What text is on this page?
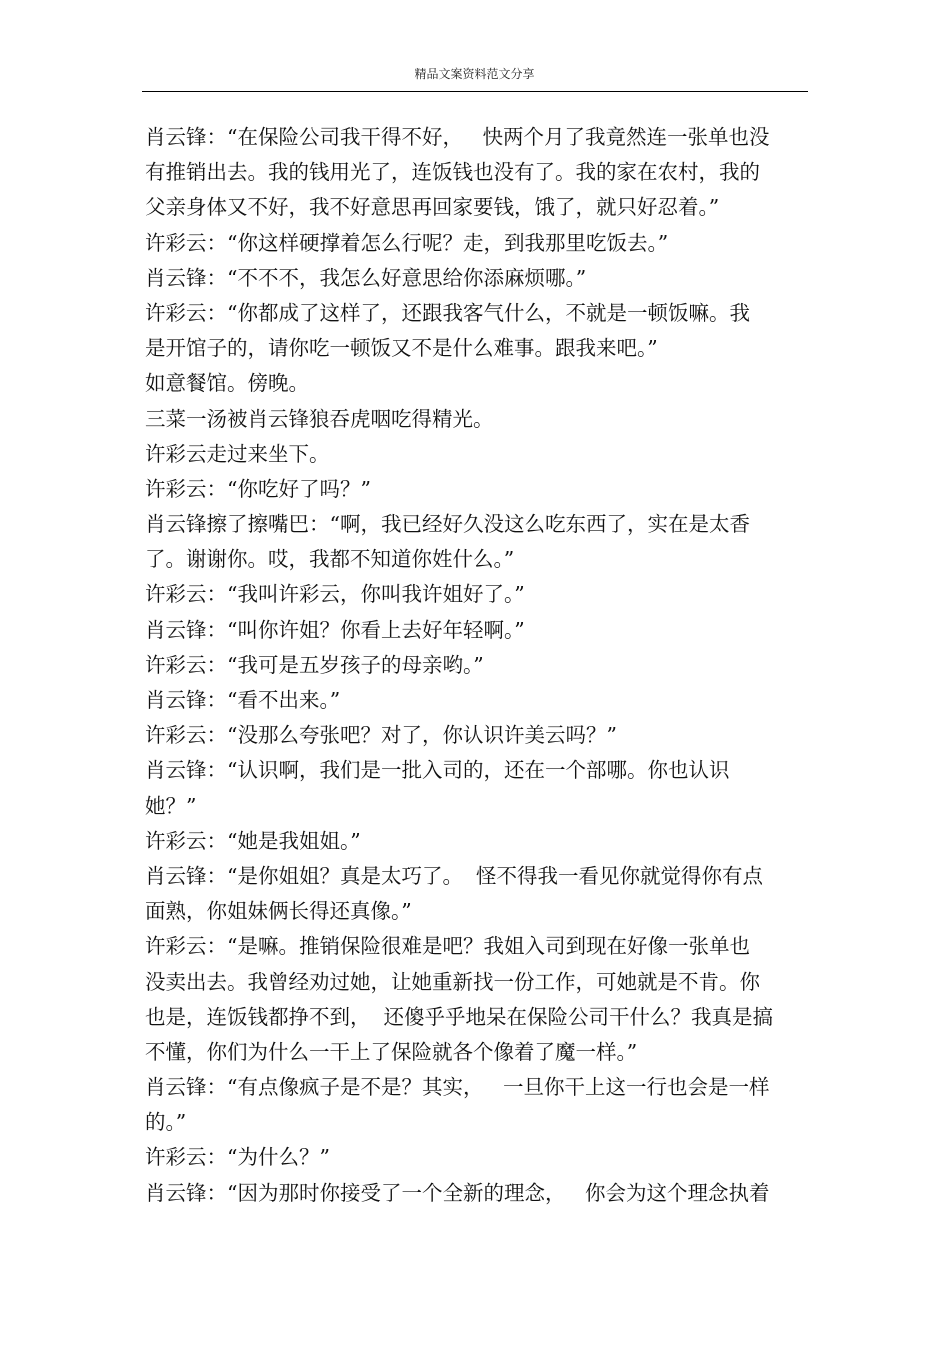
精品文案资料范文分享
肖云锋：“在保险公司我干得不好，   快两个月了我竟然连一张单也没
有推销出去。我的钱用光了，连饭钱也没有了。我的家在农村，我的
父亲身体又不好，我不好意思再回家要钱，饿了，就只好忍着。”
许彩云：“你这样硬撑着怎么行呢？走，到我那里吃饭去。”
肖云锋：“不不不，我怎么好意思给你添麻烦哪。”
许彩云：“你都成了这样了，还跟我客气什么，不就是一顿饭嘛。我
是开馆子的，请你吃一顿饭又不是什么难事。跟我来吧。”
如意餐馆。傍晚。
三菜一汤被肖云锋狼吞虎咽吃得精光。
许彩云走过来坐下。
许彩云：“你吃好了吗？”
肖云锋擦了擦嘴巴：“啊，我已经好久没这么吃东西了，实在是太香
了。谢谢你。哎，我都不知道你姓什么。”
许彩云：“我叫许彩云，你叫我许姐好了。”
肖云锋：“叫你许姐？你看上去好年轻啊。”
许彩云：“我可是五岁孩子的母亲哟。”
肖云锋：“看不出来。”
许彩云：“没那么夸张吧？对了，你认识许美云吗？”
肖云锋：“认识啊，我们是一批入司的，还在一个部哪。你也认识
她？”
许彩云：“她是我姐姐。”
肖云锋：“是你姐姐？真是太巧了。  怪不得我一看见你就觉得你有点
面熟，你姐妹俩长得还真像。”
许彩云：“是嘛。推销保险很难是吧？我姐入司到现在好像一张单也
没卖出去。我曾经劝过她，让她重新找一份工作，可她就是不肯。你
也是，连饭钱都挣不到，  还傻乎乎地呆在保险公司干什么？我真是搞
不懂，你们为什么一干上了保险就各个像着了魔一样。”
肖云锋：“有点像疯子是不是？其实，   一旦你干上这一行也会是一样
的。”
许彩云：“为什么？”
肖云锋：“因为那时你接受了一个全新的理念，   你会为这个理念执着
